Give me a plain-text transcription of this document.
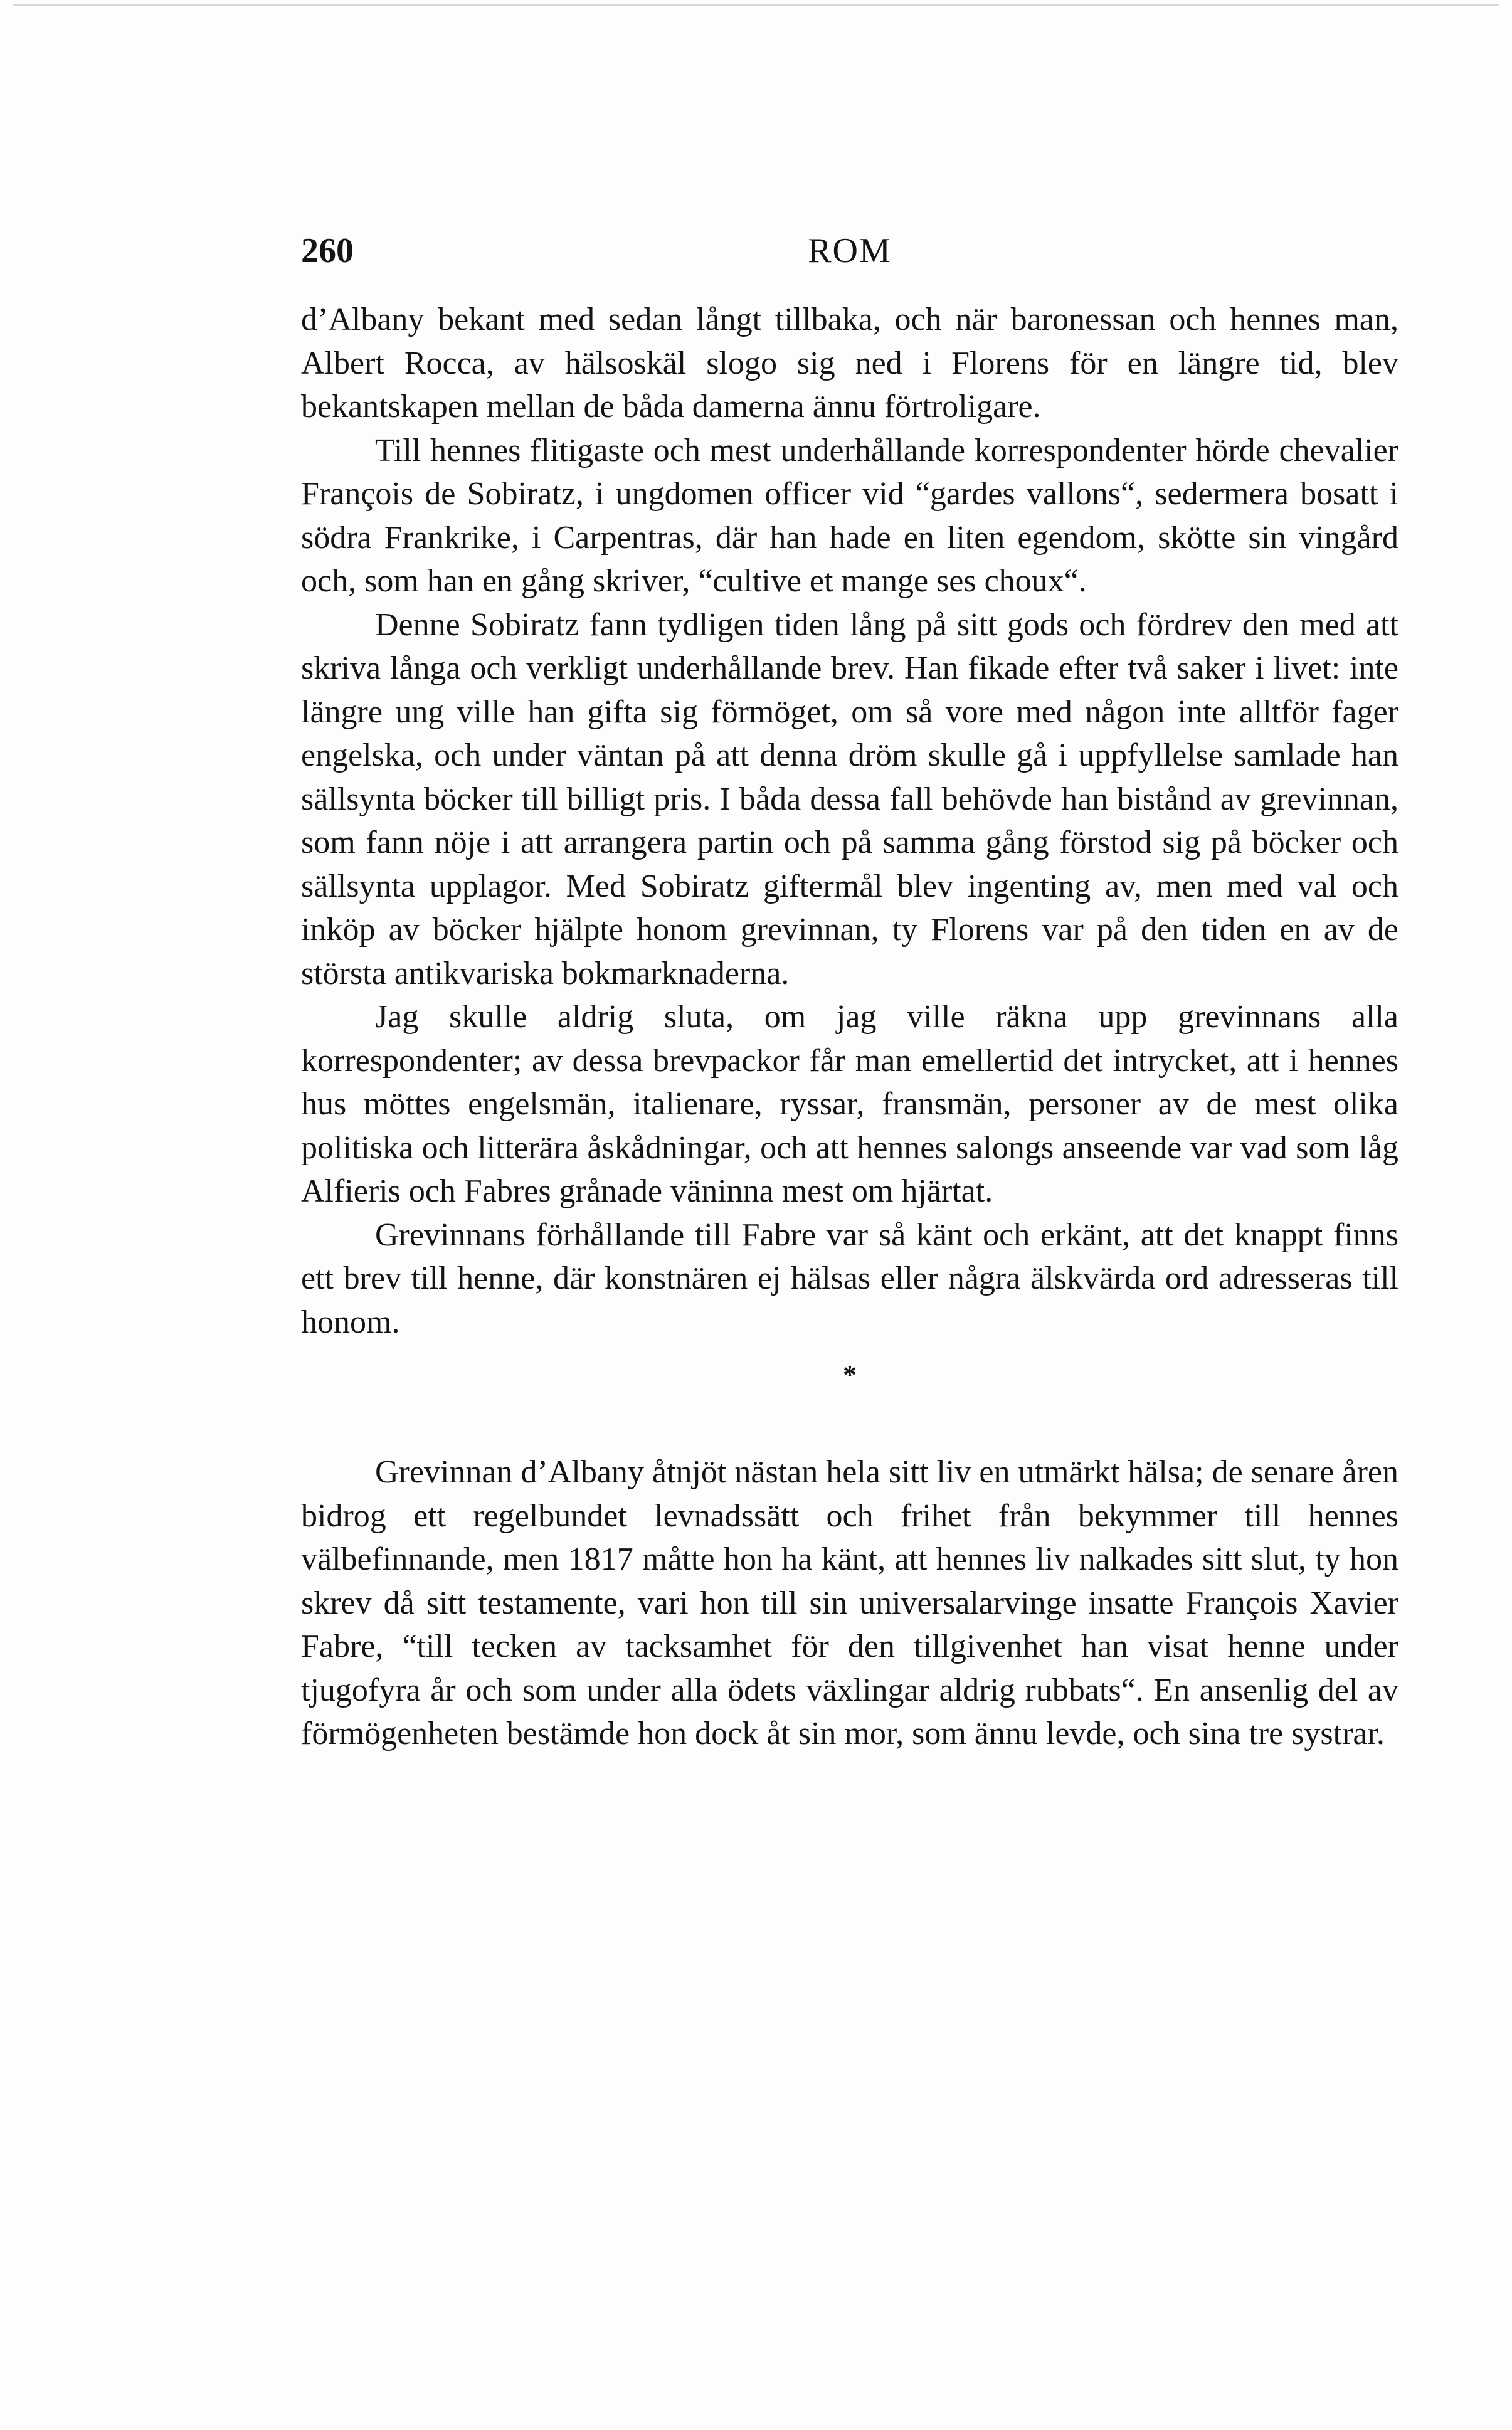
260	ROM

d’Albany bekant med sedan långt tillbaka, och när baronessan och hennes man, Albert Rocca, av hälsoskäl slogo sig ned i Florens för en längre tid, blev bekantskapen mellan de båda damerna ännu förtroligare.

Till hennes flitigaste och mest underhållande korrespondenter hörde chevalier François de Sobiratz, i ungdomen officer vid “gardes vallons“, sedermera bosatt i södra Frankrike, i Carpentras, där han hade en liten egendom, skötte sin vingård och, som han en gång skriver, “cultive et mange ses choux“.

Denne Sobiratz fann tydligen tiden lång på sitt gods och fördrev den med att skriva långa och verkligt underhållande brev. Han fikade efter två saker i livet: inte längre ung ville han gifta sig förmöget, om så vore med någon inte alltför fager engelska, och under väntan på att denna dröm skulle gå i uppfyllelse samlade han sällsynta böcker till billigt pris. I båda dessa fall behövde han bistånd av grevinnan, som fann nöje i att arrangera partin och på samma gång förstod sig på böcker och sällsynta upplagor. Med Sobiratz giftermål blev ingenting av, men med val och inköp av böcker hjälpte honom grevinnan, ty Florens var på den tiden en av de största antikvariska bokmarknaderna.

Jag skulle aldrig sluta, om jag ville räkna upp grevinnans alla korrespondenter; av dessa brevpackor får man emellertid det intrycket, att i hennes hus möttes engelsmän, italienare, ryssar, fransmän, personer av de mest olika politiska och litterära åskådningar, och att hennes salongs anseende var vad som låg Alfieris och Fabres grånade väninna mest om hjärtat.

Grevinnans förhållande till Fabre var så känt och erkänt, att det knappt finns ett brev till henne, där konstnären ej hälsas eller några älskvärda ord adresseras till honom.

*

Grevinnan d’Albany åtnjöt nästan hela sitt liv en utmärkt hälsa; de senare åren bidrog ett regelbundet levnadssätt och frihet från bekymmer till hennes välbefinnande, men 1817 måtte hon ha känt, att hennes liv nalkades sitt slut, ty hon skrev då sitt testamente, vari hon till sin universalarvinge insatte François Xavier Fabre, “till tecken av tacksamhet för den tillgivenhet han visat henne under tjugofyra år och som under alla ödets växlingar aldrig rubbats“. En ansenlig del av förmögenheten bestämde hon dock åt sin mor, som ännu levde, och sina tre systrar.
